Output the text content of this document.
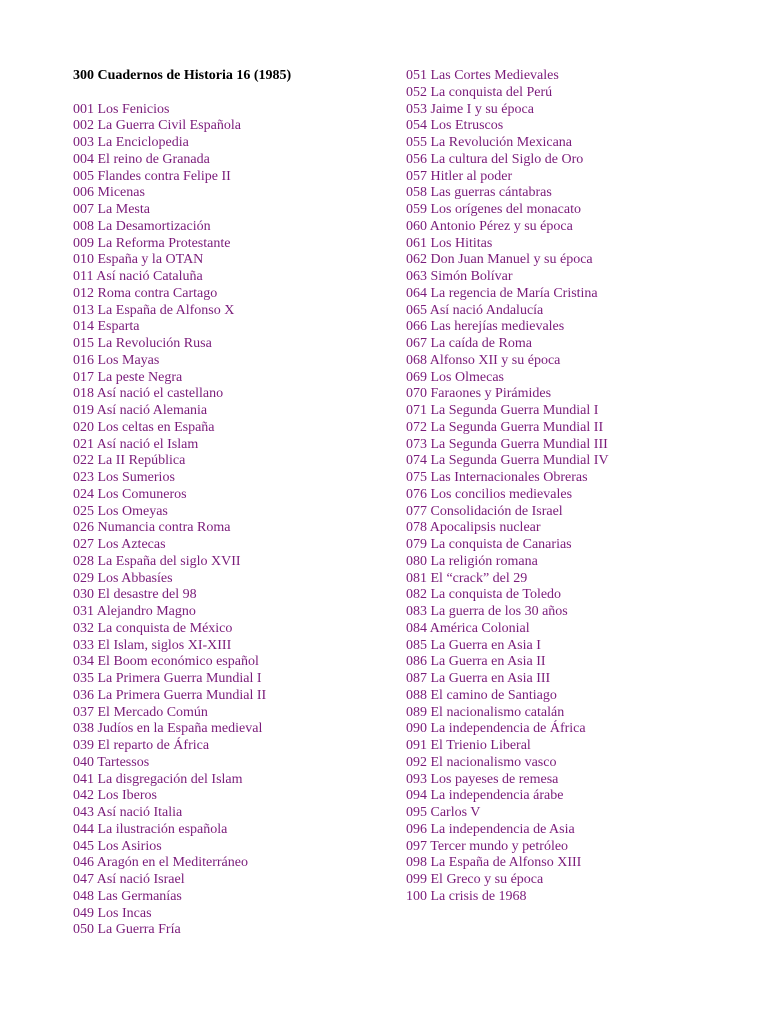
300 Cuadernos de Historia 16 (1985)
001 Los Fenicios
002 La Guerra Civil Española
003 La Enciclopedia
004 El reino de Granada
005 Flandes contra Felipe II
006 Micenas
007 La Mesta
008 La Desamortización
009 La Reforma Protestante
010 España y la OTAN
011 Así nació Cataluña
012 Roma contra Cartago
013 La España de Alfonso X
014 Esparta
015 La Revolución Rusa
016 Los Mayas
017 La peste Negra
018 Así nació el castellano
019 Así nació Alemania
020 Los celtas en España
021 Así nació el Islam
022 La II República
023 Los Sumerios
024 Los Comuneros
025 Los Omeyas
026 Numancia contra Roma
027 Los Aztecas
028 La España del siglo XVII
029 Los Abbasíes
030 El desastre del 98
031 Alejandro Magno
032 La conquista de México
033 El Islam, siglos XI-XIII
034 El Boom económico español
035 La Primera Guerra Mundial I
036 La Primera Guerra Mundial II
037 El Mercado Común
038 Judíos en la España medieval
039 El reparto de África
040 Tartessos
041 La disgregación del Islam
042 Los Iberos
043 Así nació Italia
044 La ilustración española
045 Los Asirios
046 Aragón en el Mediterráneo
047 Así nació Israel
048 Las Germanías
049 Los Incas
050 La Guerra Fría
051 Las Cortes Medievales
052 La conquista del Perú
053 Jaime I y su época
054 Los Etruscos
055 La Revolución Mexicana
056 La cultura del Siglo de Oro
057 Hitler al poder
058 Las guerras cántabras
059 Los orígenes del monacato
060 Antonio Pérez y su época
061 Los Hititas
062 Don Juan Manuel y su época
063 Simón Bolívar
064 La regencia de María Cristina
065 Así nació Andalucía
066 Las herejías medievales
067 La caída de Roma
068 Alfonso XII y su época
069 Los Olmecas
070 Faraones y Pirámides
071 La Segunda Guerra Mundial I
072 La Segunda Guerra Mundial II
073 La Segunda Guerra Mundial III
074 La Segunda Guerra Mundial IV
075 Las Internacionales Obreras
076 Los concilios medievales
077 Consolidación de Israel
078 Apocalipsis nuclear
079 La conquista de Canarias
080 La religión romana
081 El “crack” del 29
082 La conquista de Toledo
083 La guerra de los 30 años
084 América Colonial
085 La Guerra en Asia I
086 La Guerra en Asia II
087 La Guerra en Asia III
088 El camino de Santiago
089 El nacionalismo catalán
090 La independencia de África
091 El Trienio Liberal
092 El nacionalismo vasco
093 Los payeses de remesa
094 La independencia árabe
095 Carlos V
096 La independencia de Asia
097 Tercer mundo y petróleo
098 La España de Alfonso XIII
099 El Greco y su época
100 La crisis de 1968
